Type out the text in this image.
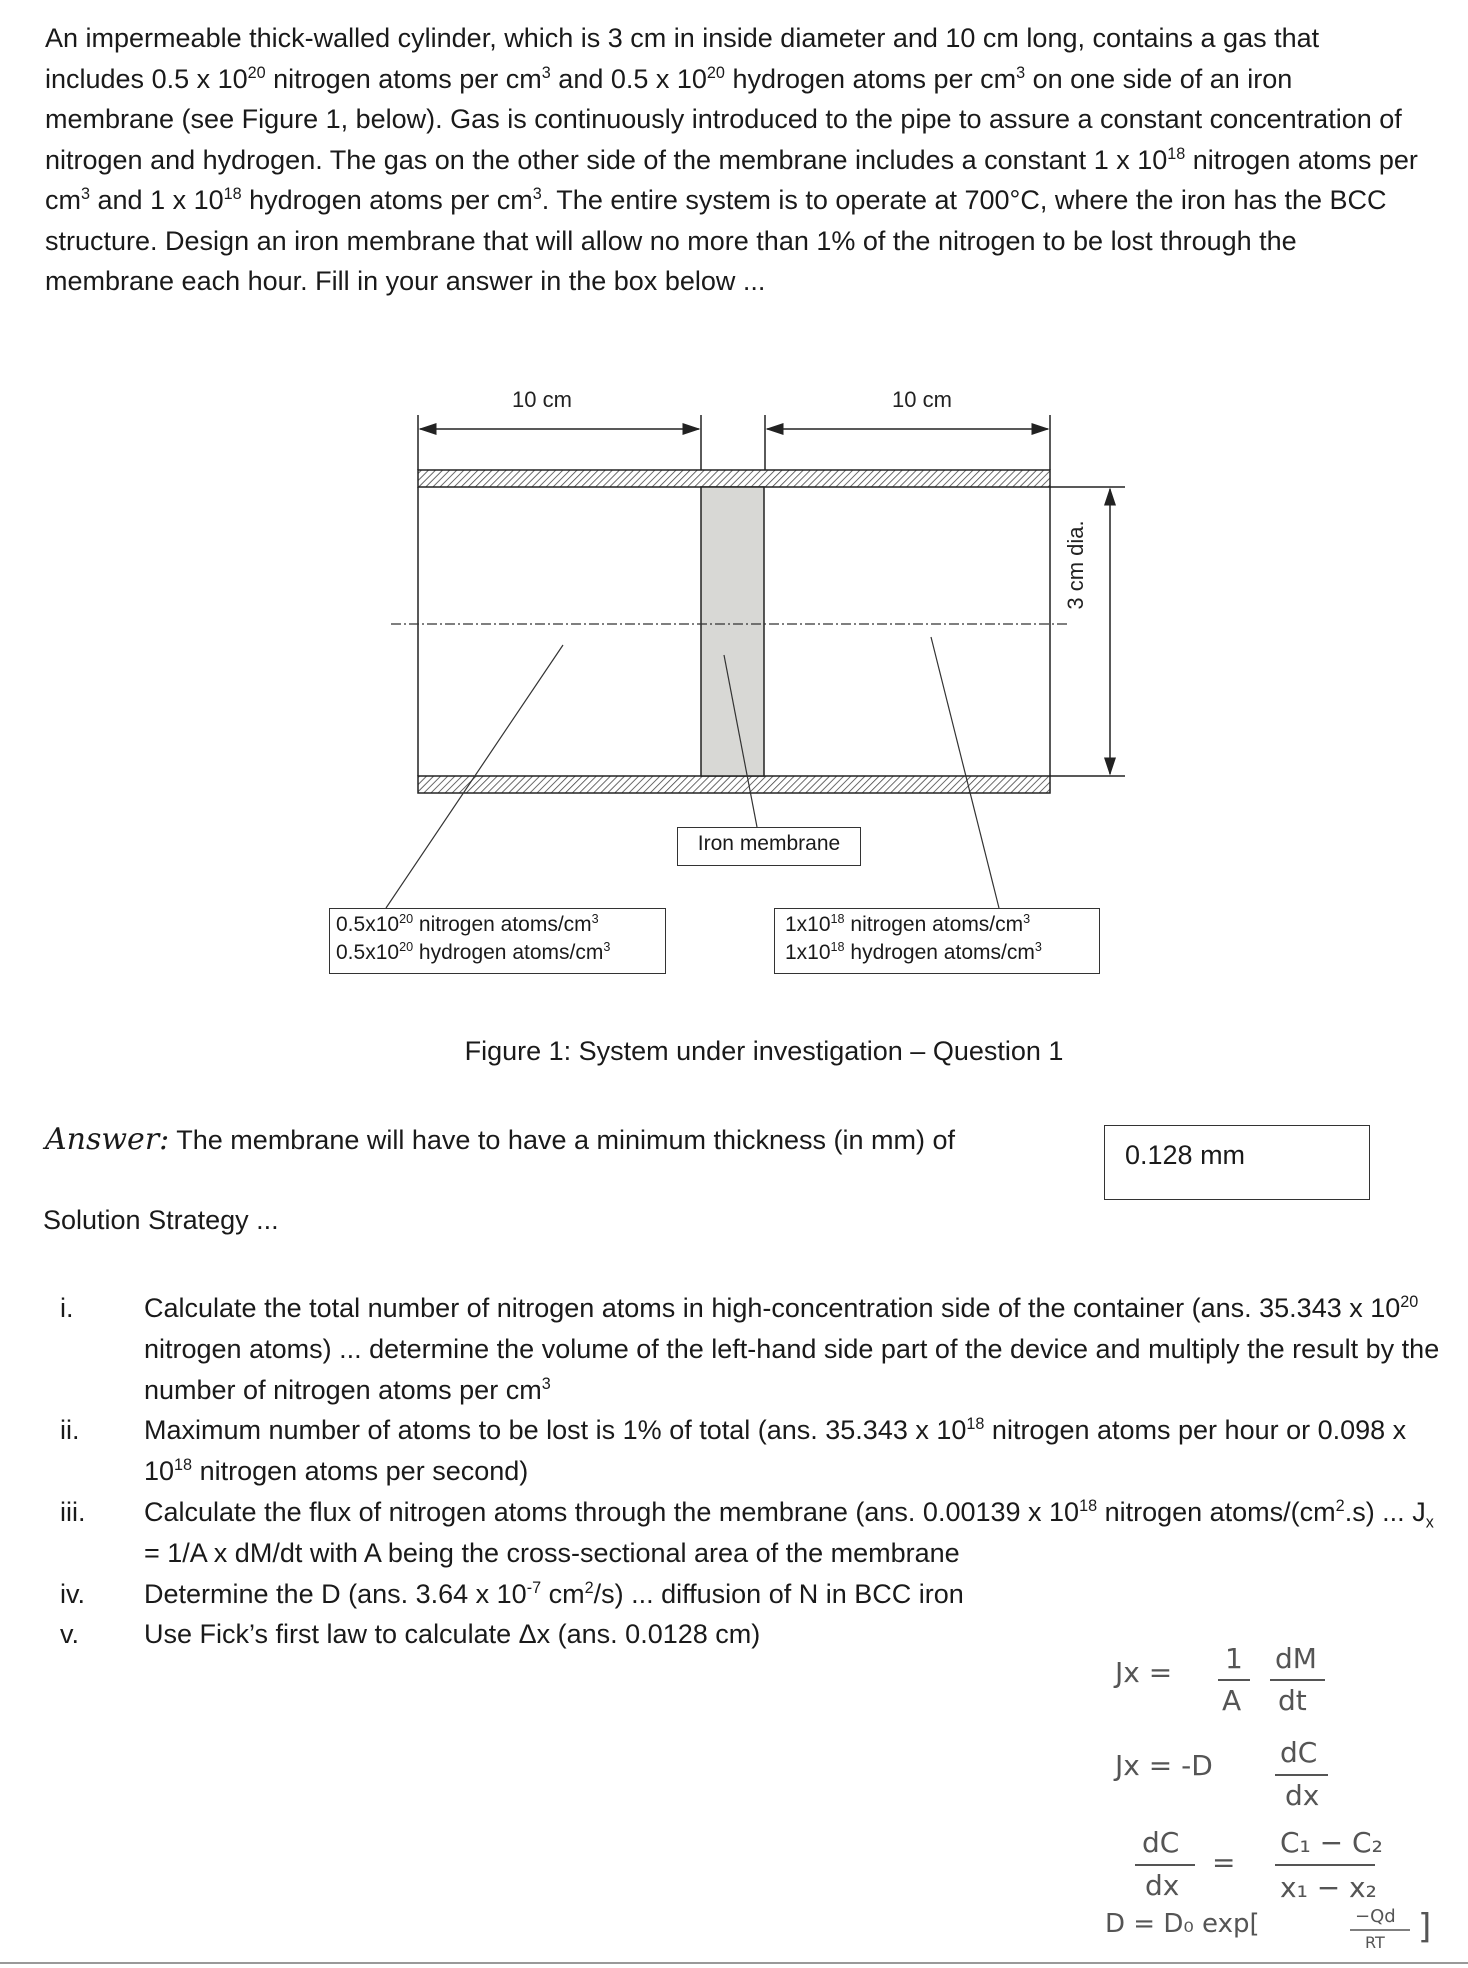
An impermeable thick-walled cylinder, which is 3 cm in inside diameter and 10 cm long, contains a gas that includes 0.5 x $10^{20}$ nitrogen atoms per $cm^3$ and 0.5 x $10^{20}$ hydrogen atoms per $cm^3$ on one side of an iron membrane (see Figure 1, below). Gas is continuously introduced to the pipe to assure a constant concentration of nitrogen and hydrogen. The gas on the other side of the membrane includes a constant 1 x $10^{18}$ nitrogen atoms per $cm^3$ and 1 x $10^{18}$ hydrogen atoms per $cm^3$. The entire system is to operate at 700°C, where the iron has the BCC structure. Design an iron membrane that will allow no more than 1% of the nitrogen to be lost through the membrane each hour. Fill in your answer in the box below ...
10 cm	10 cm
3 cm dia.
Iron membrane
$0.5x10^{20}$ nitrogen atoms/$cm^3$
$0.5x10^{20}$ hydrogen atoms/$cm^3$
$1x10^{18}$ nitrogen atoms/$cm^3$
$1x10^{18}$ hydrogen atoms/$cm^3$
Figure 1: System under investigation – Question 1
Answer: The membrane will have to have a minimum thickness (in mm) of	0.128 mm
Solution Strategy ...
i.	Calculate the total number of nitrogen atoms in high-concentration side of the container (ans. 35.343 x $10^{20}$ nitrogen atoms) ... determine the volume of the left-hand side part of the device and multiply the result by the number of nitrogen atoms per $cm^3$
ii.	Maximum number of atoms to be lost is 1% of total (ans. 35.343 x $10^{18}$ nitrogen atoms per hour or 0.098 x $10^{18}$ nitrogen atoms per second)
iii.	Calculate the flux of nitrogen atoms through the membrane (ans. 0.00139 x $10^{18}$ nitrogen atoms/$(cm^2.s)$ ... $J_x = 1/A$ x dM/dt with A being the cross-sectional area of the membrane
iv.	Determine the D (ans. 3.64 x $10^{-7}$ $cm^2/s$) ... diffusion of N in BCC iron
v.	Use Fick’s first law to calculate Δx (ans. 0.0128 cm)
Jx = 1
A
dM
dt
Jx = -D dC
dx
dC
dx
=
C₁ − C₂
x₁ − x₂
D = D₀ exp[	−Qd
RT ]
